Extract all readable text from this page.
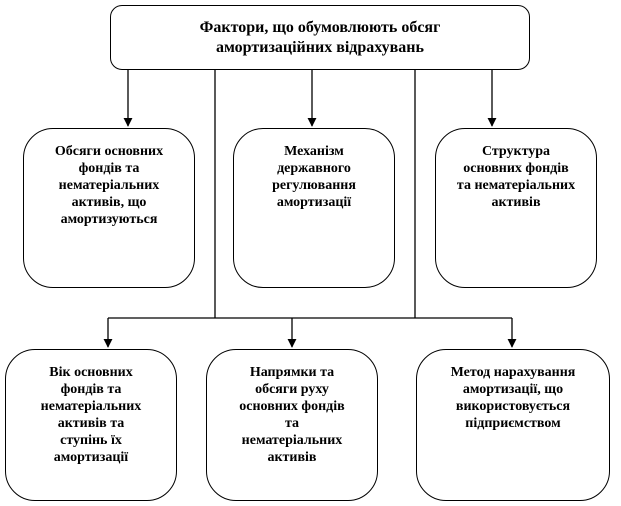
Фактори, що обумовлюють обсяг
амортизаційних відрахувань
Обсяги основних
фондів та
нематеріальних
активів, що
амортизуються
Механізм
державного
регулювання
амортизації
Структура
основних фондів
та нематеріальних
активів
Вік основних
фондів та
нематеріальних
активів та
ступінь їх
амортизації
Напрямки та
обсяги руху
основних фондів
та
нематеріальних
активів
Метод нарахування
амортизації, що
використовується
підприємством
